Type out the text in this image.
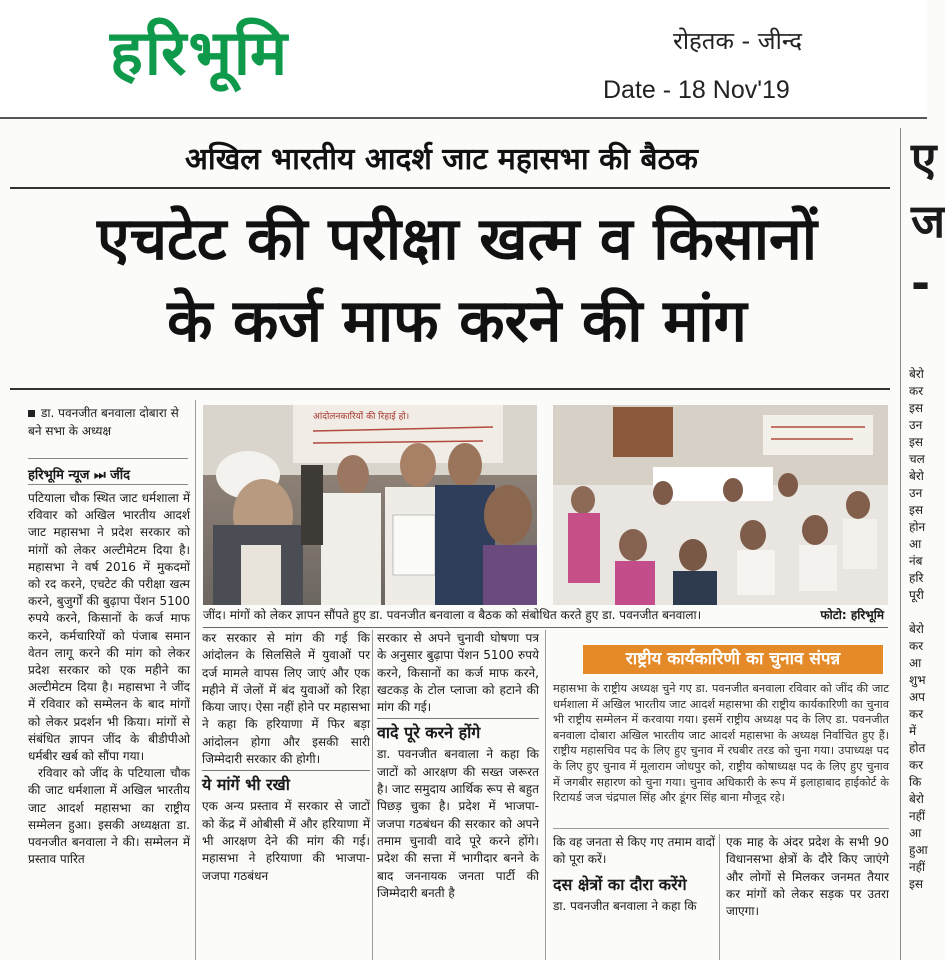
हरिभूमि	रोहतक - जीन्द
Date - 18 Nov'19
अखिल भारतीय आदर्श जाट महासभा की बैठक
एचटेट की परीक्षा खत्म व किसानों
के कर्ज माफ करने की मांग
ए
ज
-
बेरो
कर
इस
उन
इस
चल
बेरो
उन
इस
होन
आ
नंब
हरि
पूरी

बेरो
कर
आ
शुभ
अप
कर
में
होत
कर
कि
बेरो
नहीं
आ
हुआ
नहीं
इस
डा. पवनजीत बनवाला दोबारा से बने सभा के अध्यक्ष
हरिभूमि न्यूज ⏭ जींद

पटियाला चौक स्थित जाट धर्मशाला में रविवार को अखिल भारतीय आदर्श जाट महासभा ने प्रदेश सरकार को मांगों को लेकर अल्टीमेटम दिया है। महासभा ने वर्ष 2016 में मुकदमों को रद करने, एचटेट की परीक्षा खत्म करने, बुजुर्गों की बुढ़ापा पेंशन 5100 रुपये करने, किसानों के कर्ज माफ करने, कर्मचारियों को पंजाब समान वेतन लागू करने की मांग को लेकर प्रदेश सरकार को एक महीने का अल्टीमेटम दिया है। महासभा ने जींद में रविवार को सम्मेलन के बाद मांगों को लेकर प्रदर्शन भी किया। मांगों से संबंधित ज्ञापन जींद के बीडीपीओ धर्मबीर खर्ब को सौंपा गया।

रविवार को जींद के पटियाला चौक की जाट धर्मशाला में अखिल भारतीय जाट आदर्श महासभा का राष्ट्रीय सम्मेलन हुआ। इसकी अध्यक्षता डा. पवनजीत बनवाला ने की। सम्मेलन में प्रस्ताव पारित

आंदोलनकारियों की रिहाई हो।
जींद। मांगों को लेकर ज्ञापन सौंपते हुए डा. पवनजीत बनवाला व बैठक को संबोधित करते हुए डा. पवनजीत बनवाला।	फोटो: हरिभूमि

कर सरकार से मांग की गई कि आंदोलन के सिलसिले में युवाओं पर दर्ज मामले वापस लिए जाएं और एक महीने में जेलों में बंद युवाओं को रिहा किया जाए। ऐसा नहीं होने पर महासभा ने कहा कि हरियाणा में फिर बड़ा आंदोलन होगा और इसकी सारी जिम्मेदारी सरकार की होगी।

ये मांगें भी रखी

एक अन्य प्रस्ताव में सरकार से जाटों को केंद्र में ओबीसी में और हरियाणा में भी आरक्षण देने की मांग की गई। महासभा ने हरियाणा की भाजपा-जजपा गठबंधन

सरकार से अपने चुनावी घोषणा पत्र के अनुसार बुढ़ापा पेंशन 5100 रुपये करने, किसानों का कर्ज माफ करने, खटकड़ के टोल प्लाजा को हटाने की मांग की गई।

वादे पूरे करने होंगे

डा. पवनजीत बनवाला ने कहा कि जाटों को आरक्षण की सख्त जरूरत है। जाट समुदाय आर्थिक रूप से बहुत पिछड़ चुका है। प्रदेश में भाजपा-जजपा गठबंधन की सरकार को अपने तमाम चुनावी वादे पूरे करने होंगे। प्रदेश की सत्ता में भागीदार बनने के बाद जननायक जनता पार्टी की जिम्मेदारी बनती है

राष्ट्रीय कार्यकारिणी का चुनाव संपन्न
महासभा के राष्ट्रीय अध्यक्ष चुने गए डा. पवनजीत बनवाला रविवार को जींद की जाट धर्मशाला में अखिल भारतीय जाट आदर्श महासभा की राष्ट्रीय कार्यकारिणी का चुनाव भी राष्ट्रीय सम्मेलन में करवाया गया। इसमें राष्ट्रीय अध्यक्ष पद के लिए डा. पवनजीत बनवाला दोबारा अखिल भारतीय जाट आदर्श महासभा के अध्यक्ष निर्वाचित हुए हैं। राष्ट्रीय महासचिव पद के लिए हुए चुनाव में रघबीर तरड को चुना गया। उपाध्यक्ष पद के लिए हुए चुनाव में मूलाराम जोधपुर को, राष्ट्रीय कोषाध्यक्ष पद के लिए हुए चुनाव में जगबीर सहारण को चुना गया। चुनाव अधिकारी के रूप में इलाहाबाद हाईकोर्ट के रिटायर्ड जज चंद्रपाल सिंह और डूंगर सिंह बाना मौजूद रहे।

कि वह जनता से किए गए तमाम वादों को पूरा करें।

दस क्षेत्रों का दौरा करेंगे

डा. पवनजीत बनवाला ने कहा कि

एक माह के अंदर प्रदेश के सभी 90 विधानसभा क्षेत्रों के दौरे किए जाएंगे और लोगों से मिलकर जनमत तैयार कर मांगों को लेकर सड़क पर उतरा जाएगा।
